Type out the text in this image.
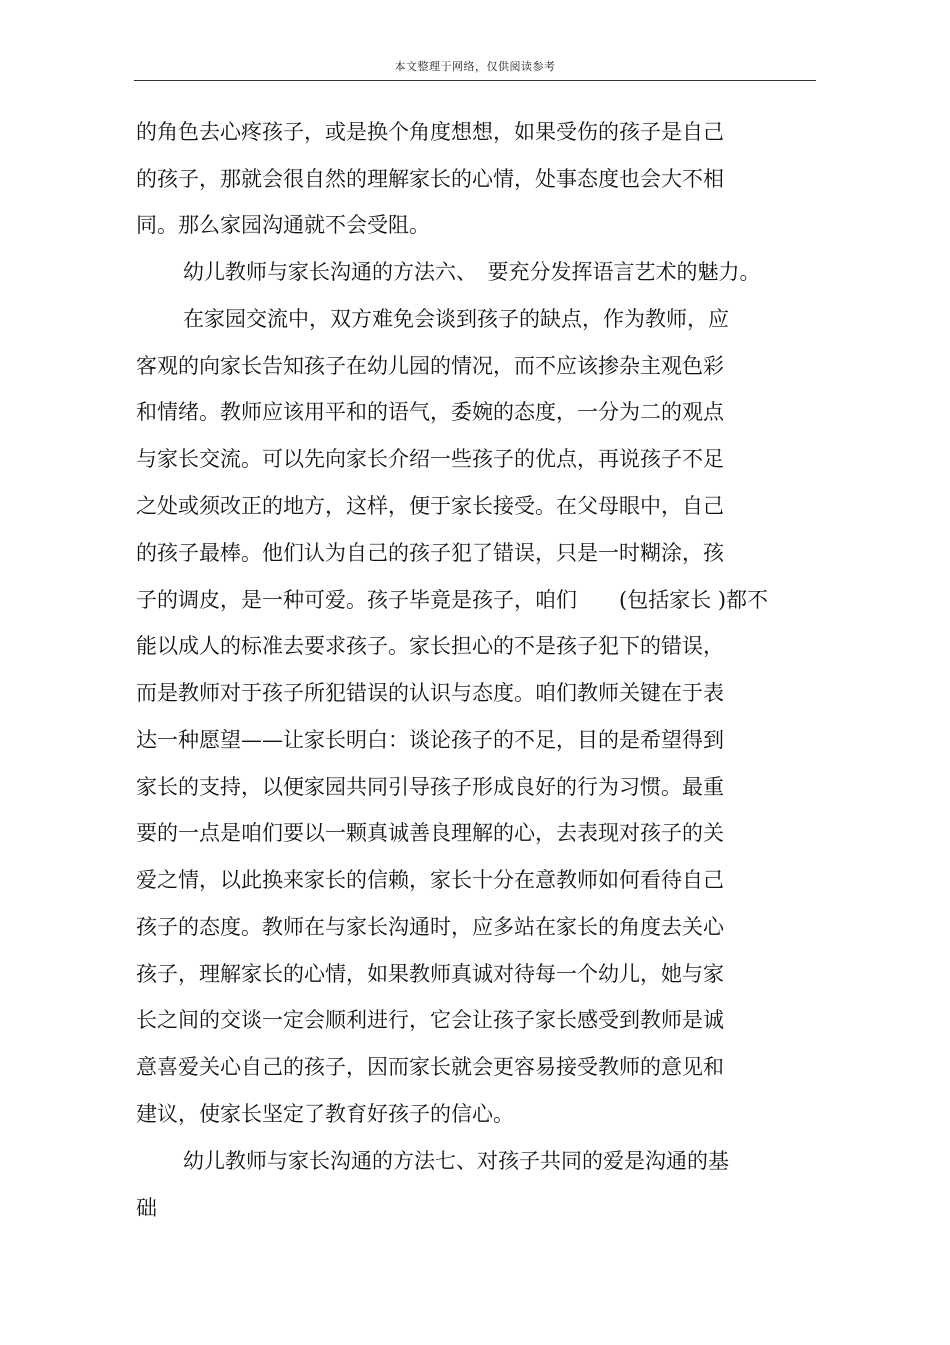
本文整理于网络，仅供阅读参考
的角色去心疼孩子，或是换个角度想想，如果受伤的孩子是自己
的孩子，那就会很自然的理解家长的心情，处事态度也会大不相
同。那么家园沟通就不会受阻。
幼儿教师与家长沟通的方法六、　要充分发挥语言艺术的魅力。
在家园交流中，双方难免会谈到孩子的缺点，作为教师，应
客观的向家长告知孩子在幼儿园的情况，而不应该掺杂主观色彩
和情绪。教师应该用平和的语气，委婉的态度，一分为二的观点
与家长交流。可以先向家长介绍一些孩子的优点，再说孩子不足
之处或须改正的地方，这样，便于家长接受。在父母眼中，自己
的孩子最棒。他们认为自己的孩子犯了错误，只是一时糊涂，孩
子的调皮，是一种可爱。孩子毕竟是孩子，咱们　　(包括家长 )都不
能以成人的标准去要求孩子。家长担心的不是孩子犯下的错误，
而是教师对于孩子所犯错误的认识与态度。咱们教师关键在于表
达一种愿望——让家长明白：谈论孩子的不足，目的是希望得到
家长的支持，以便家园共同引导孩子形成良好的行为习惯。最重
要的一点是咱们要以一颗真诚善良理解的心，去表现对孩子的关
爱之情，以此换来家长的信赖，家长十分在意教师如何看待自己
孩子的态度。教师在与家长沟通时，应多站在家长的角度去关心
孩子，理解家长的心情，如果教师真诚对待每一个幼儿，她与家
长之间的交谈一定会顺利进行，它会让孩子家长感受到教师是诚
意喜爱关心自己的孩子，因而家长就会更容易接受教师的意见和
建议，使家长坚定了教育好孩子的信心。
幼儿教师与家长沟通的方法七、对孩子共同的爱是沟通的基
础
